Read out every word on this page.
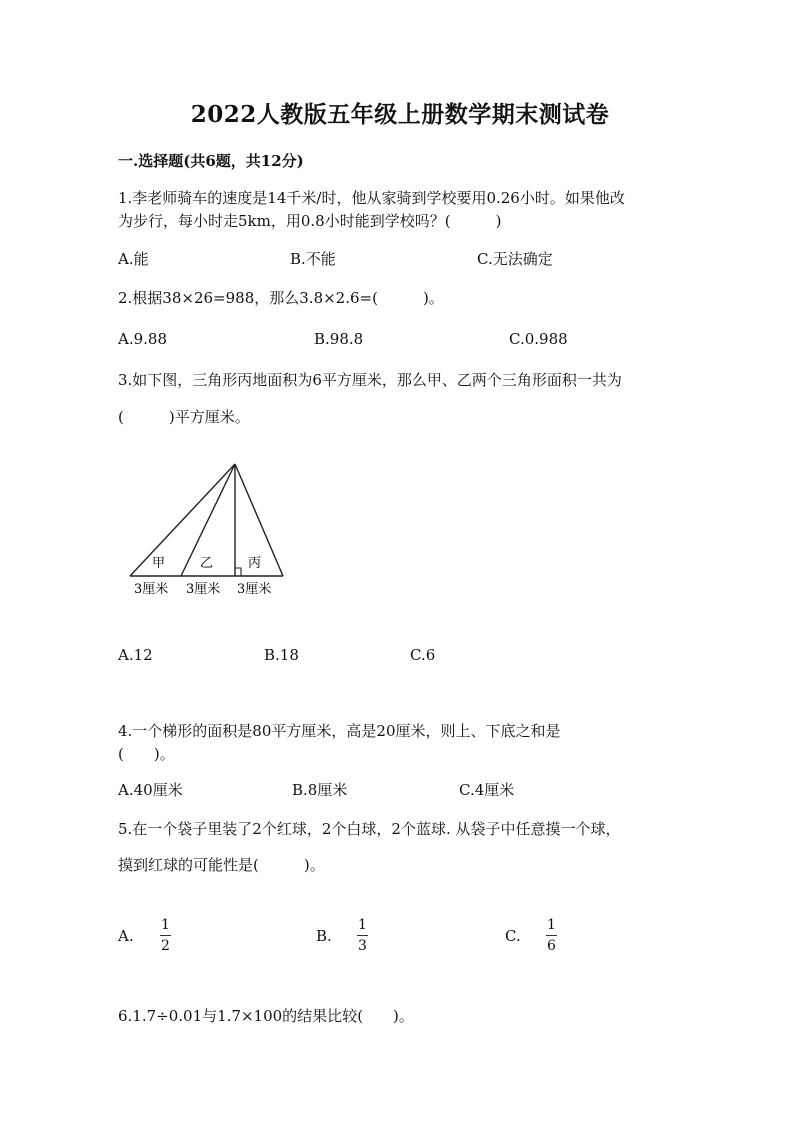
2022人教版五年级上册数学期末测试卷
一.选择题(共6题，共12分)
1.李老师骑车的速度是14千米/时，他从家骑到学校要用0.26小时。如果他改
为步行，每小时走5km，用0.8小时能到学校吗？(　　　)
A.能	B.不能	C.无法确定
2.根据38×26=988，那么3.8×2.6=(　　　)。
A.9.88	B.98.8	C.0.988
3.如下图，三角形丙地面积为6平方厘米，那么甲、乙两个三角形面积一共为
(　　　)平方厘米。
甲	乙	丙
3厘米 3厘米 3厘米
A.12	B.18	C.6
4.一个梯形的面积是80平方厘米，高是20厘米，则上、下底之和是
(　　)。
A.40厘米	B.8厘米	C.4厘米
5.在一个袋子里装了2个红球，2个白球，2个蓝球. 从袋子中任意摸一个球，
摸到红球的可能性是(　　　)。
A.
1
2
B.
1
3
C.
1
6
6.1.7÷0.01与1.7×100的结果比较(　　)。
